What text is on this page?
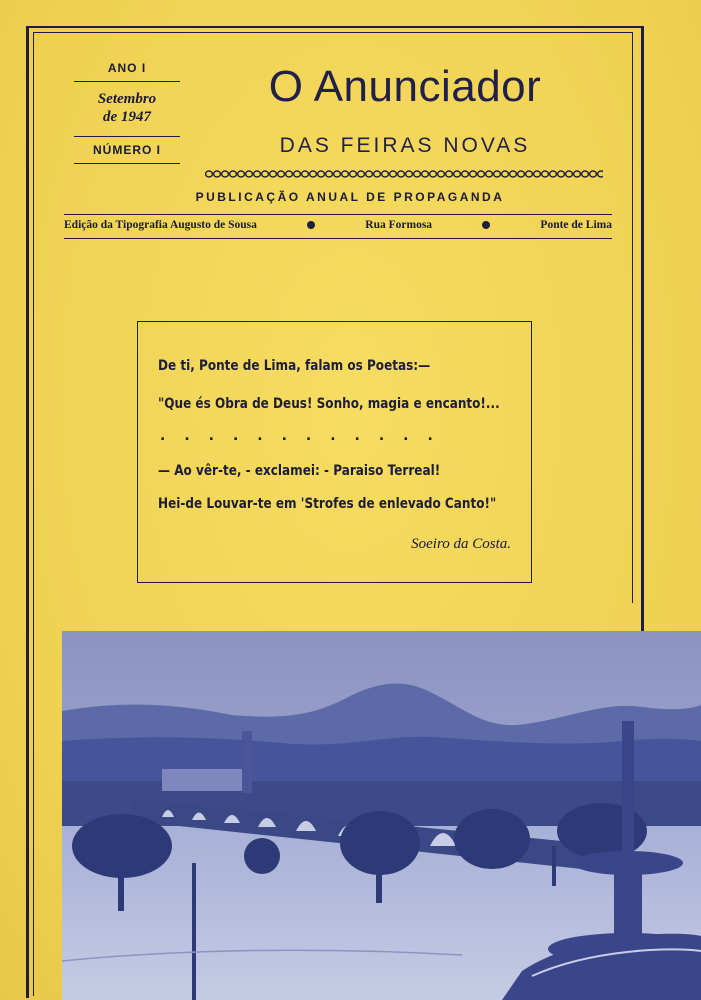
ANO I
Setembro
de 1947
NÚMERO I
O Anunciador
DAS FEIRAS NOVAS
PUBLICAÇÃO ANUAL DE PROPAGANDA
Edição da Tipografia Augusto de Sousa	Rua Formosa	Ponte de Lima
De ti, Ponte de Lima, falam os Poetas:—
"Que és Obra de Deus! Sonho, magia e encanto!...
............
— Ao vêr-te, - exclamei: - Paraiso Terreal!
Hei-de Louvar-te em 'Strofes de enlevado Canto!"
Soeiro da Costa.
